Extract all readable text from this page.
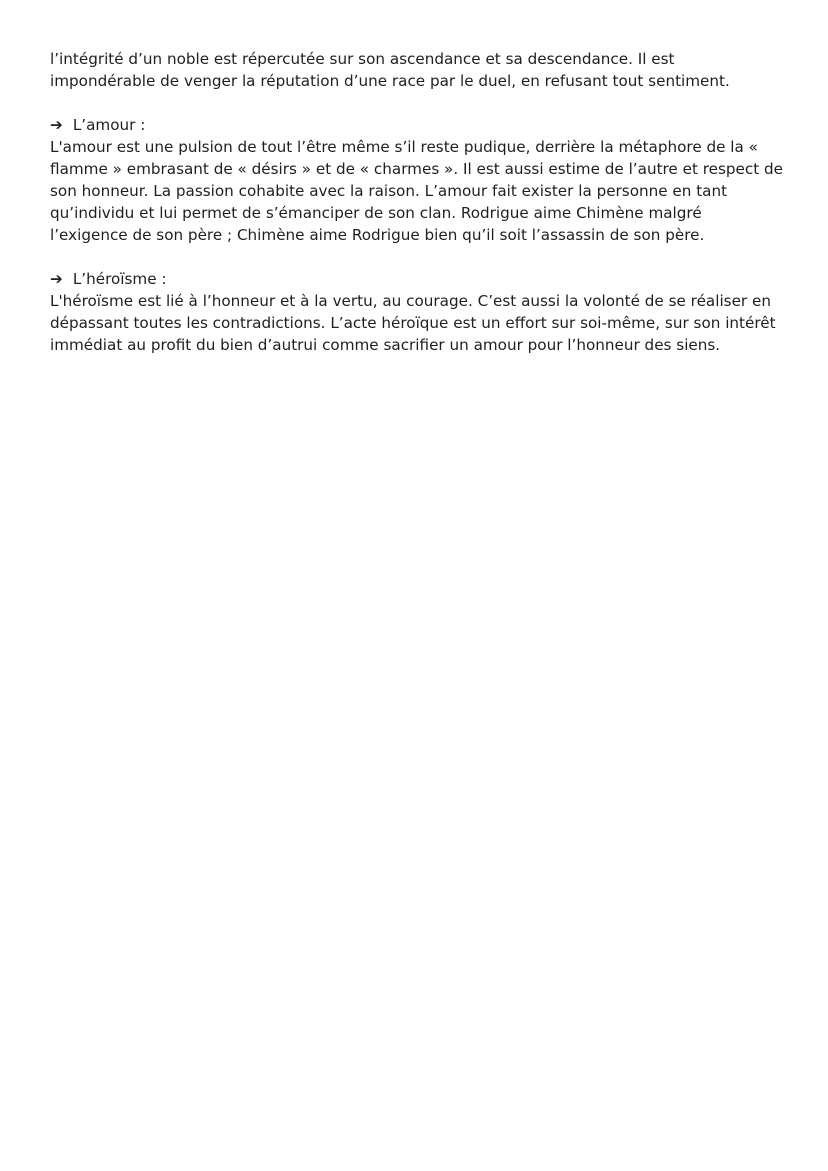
l’intégrité d’un noble est répercutée sur son ascendance et sa descendance. Il est
impondérable de venger la réputation d’une race par le duel, en refusant tout sentiment.

➔ L’amour :

L'amour est une pulsion de tout l’être même s’il reste pudique, derrière la métaphore de la «
flamme » embrasant de « désirs » et de « charmes ». Il est aussi estime de l’autre et respect de
son honneur. La passion cohabite avec la raison. L’amour fait exister la personne en tant
qu’individu et lui permet de s’émanciper de son clan. Rodrigue aime Chimène malgré
l’exigence de son père ; Chimène aime Rodrigue bien qu’il soit l’assassin de son père.

➔ L’héroïsme :

L'héroïsme est lié à l’honneur et à la vertu, au courage. C’est aussi la volonté de se réaliser en
dépassant toutes les contradictions. L’acte héroïque est un effort sur soi-même, sur son intérêt
immédiat au profit du bien d’autrui comme sacrifier un amour pour l’honneur des siens.
